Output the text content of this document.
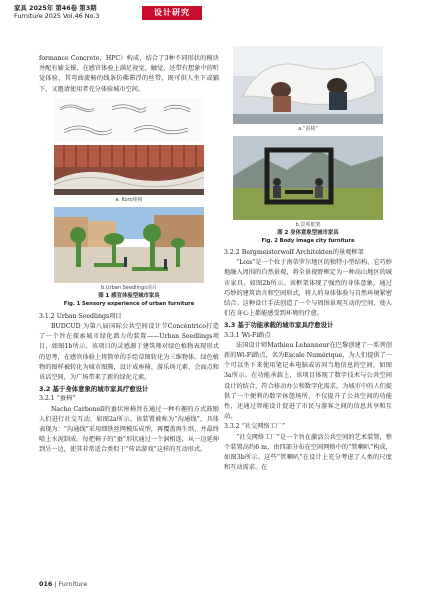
家具 2025年 第46卷 第3期
Furniture 2025 Vol.46 No.3	设计研究
formance Concrete，HPC）构成，结合了3种不同形状的模块并配有辅支撑，在感官体验上满足视觉、触觉，还带有想象中的听觉体验，其弯曲流畅的线条仿佛滞浮的丝带，既可供人坐下或躺下，又邀请使用者充分体验城市空间。
a. Koro座椅
b.Urban Seedlings项目
图 1 感官体验型城市家具
Fig. 1 Sensory experience of urban furniture
3.1.2 Urban Seedlings项目
BUDCUD 为第八届国际公共空间设计节Concéntrico打造了一个旨在探索城市绿化潜力的装置——Urban Seedlings项目，如图1b所示。该项目的灵感源于建筑师对绿色植物表现形式的思考，在感官体验上将简单的手绘草图转化为三维物体。绿色植物的图样被转化为城市图腾，设计成座椅、游乐场元素、会面点和该话空间，为广场带来了新的绿化元素。
3.2 基于身体意象的城市家具疗愈设计
3.2.1 “蚕椅”
Nacho Carbonell的蚕状座椅旨在通过一种有趣的方式鼓励人们进行社交互动，如图2a所示。该装置被称为“沟通线”，具体表现为：“沟通线”采用细铁丝网模压成型，再覆盖再生纸，并最终喷上水泥制成。每把椅子的“蚕”形状通过一个洞相连，从一边延伸到另一边，使其非常适合类似于“传话游戏”这样的互动形式。
a.“蚕椅”
b.景观框架
图 2 身体意象型城市家具
Fig. 2 Body image city furniture
3.2.2 Bergmeisterwolf Architekten的景观框架
“Lois”是一个位于南蒂罗尔地区的独特小型结构，它巧妙地融入周围的自然景观，将全景视野框定为一种高山地区的城市家具，如图2b所示。该框架体现了强烈的身体意象，通过巧妙的建筑语言和空间形式，将人的身体体验与自然环境紧密结合。这种设计手法创造了一个与周围景观互动的空间，使人们在身心上都能感受到环境的疗愈。
3.3 基于功能承载的城市家具疗愈设计
3.3.1 Wi-Fi路点
法国设计师Mathieu Lehanneur在巴黎创建了一系列创新的Wi-Fi路点，名为Escale Numérique，为人们提供了一个可以坐下来使用笔记本电脑或访问当地信息的空间，如图3a所示。在功能承载上，该项目体现了数字技术与公共空间设计的结合，符合移动办公和数字化需求，为城市中的人们提供了一个便利的数字休憩场所，不仅提升了公共空间的功能性，还通过智能设计促进了市民与游客之间的信息共享和互动。
3.3.2 “社交网络工厂”
“社交网络工厂”是一个旨在激活公共空间的艺术装置，整个装置高约6 m，由四部分布在空间网格中的“管喇叭”构成，如图3b所示。这些“管喇叭”在设计上充分考虑了人类的尺度和互动需求。在
016 | Furniture
